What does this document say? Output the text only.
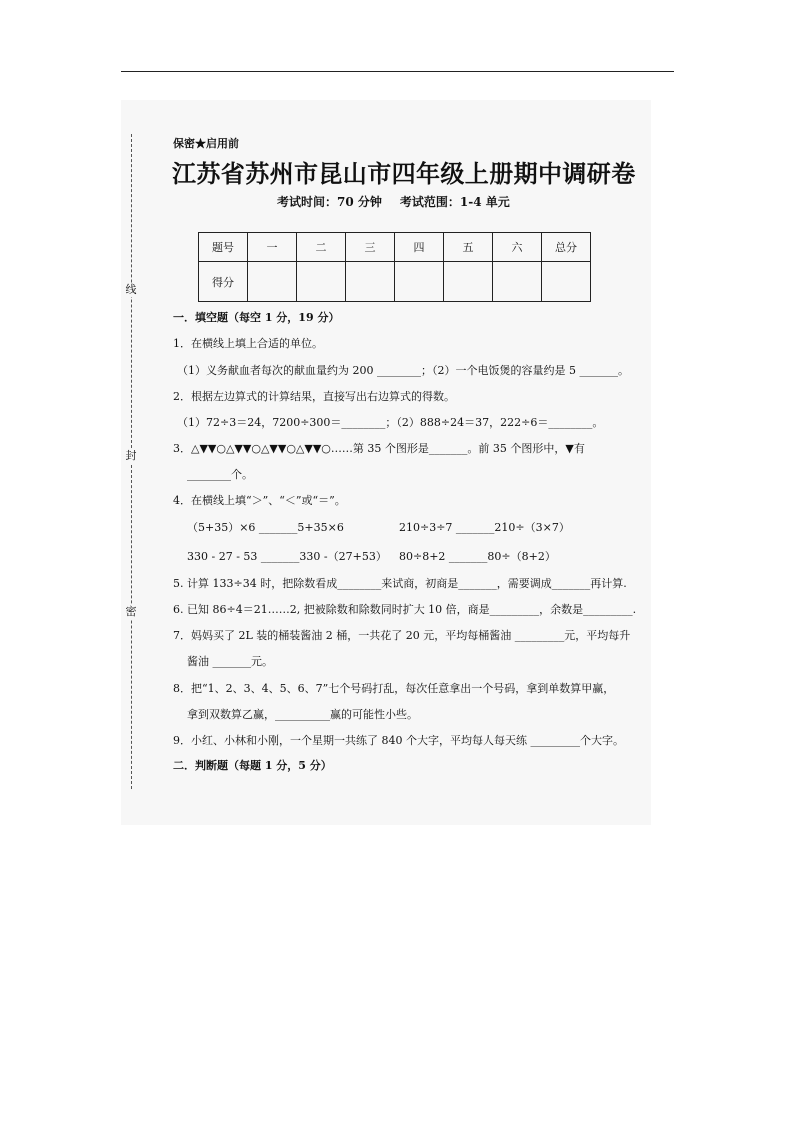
线
封
密
保密★启用前
江苏省苏州市昆山市四年级上册期中调研卷
考试时间：70 分钟 考试范围：1-4 单元
题号	一	二	三	四	五	六	总分
得分							
一．填空题（每空 1 分，19 分）
1．在横线上填上合适的单位。
（1）义务献血者每次的献血量约为 200 ________；（2）一个电饭煲的容量约是 5 _______。
2．根据左边算式的计算结果，直接写出右边算式的得数。
（1）72÷3＝24，7200÷300＝________；（2）888÷24＝37，222÷6＝________。
3．△▼▼○△▼▼○△▼▼○△▼▼○……第 35 个图形是_______。前 35 个图形中，▼有
________个。
4．在横线上填“＞”、“＜”或“＝”。
（5+35）×6 _______5+35×6	210÷3÷7 _______210÷（3×7）
330 - 27 - 53 _______330 -（27+53） 80÷8+2 _______80÷（8+2）
5. 计算 133÷34 时，把除数看成________来试商，初商是_______，需要调成_______再计算.
6. 已知 86÷4＝21……2, 把被除数和除数同时扩大 10 倍，商是_________，余数是_________.
7．妈妈买了 2L 装的桶装酱油 2 桶，一共花了 20 元，平均每桶酱油 _________元，平均每升
酱油 _______元。
8．把“1、2、3、4、5、6、7”七个号码打乱，每次任意拿出一个号码，拿到单数算甲赢，
拿到双数算乙赢，__________赢的可能性小些。
9．小红、小林和小刚，一个星期一共练了 840 个大字，平均每人每天练 _________个大字。
二．判断题（每题 1 分，5 分）
